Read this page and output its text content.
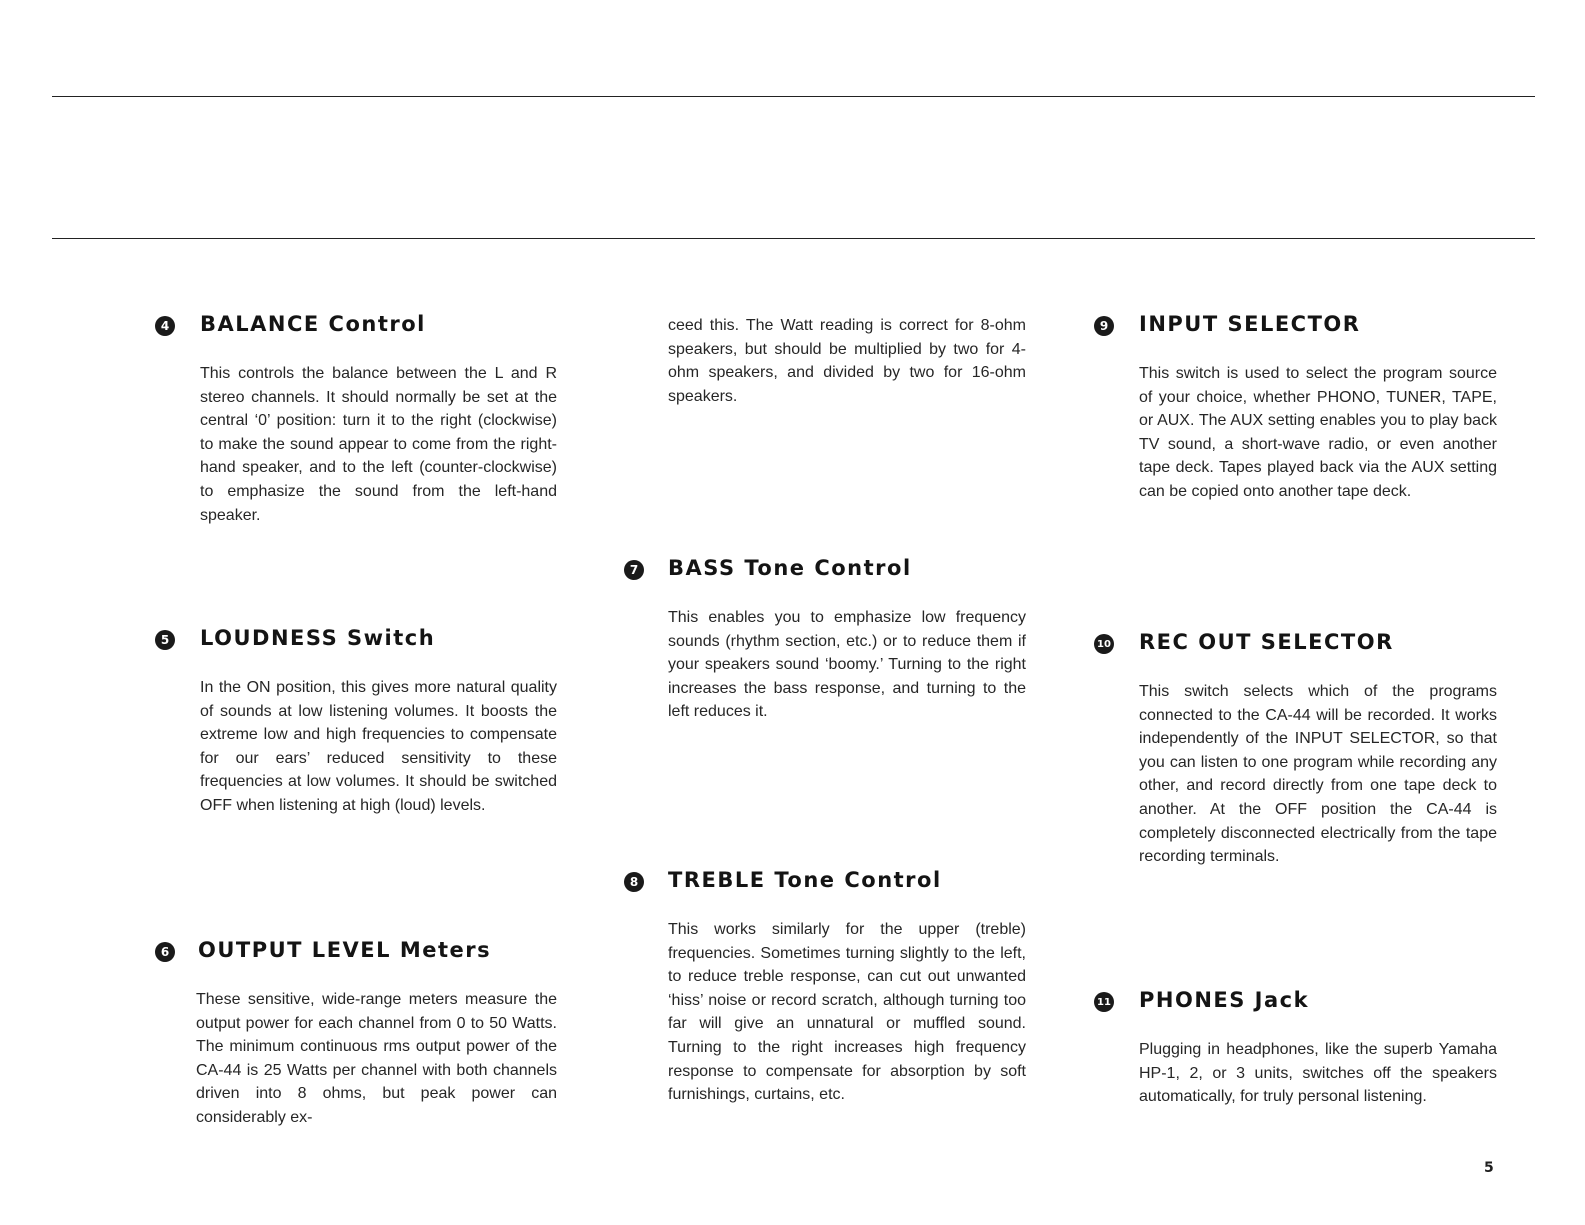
4 BALANCE Control

This controls the balance between the L and R stereo channels. It should normally be set at the central ‘0’ position: turn it to the right (clockwise) to make the sound appear to come from the right-hand speaker, and to the left (counter-clockwise) to emphasize the sound from the left-hand speaker.

5 LOUDNESS Switch

In the ON position, this gives more natural quality of sounds at low listening volumes. It boosts the extreme low and high frequencies to compensate for our ears’ reduced sensitivity to these frequencies at low volumes. It should be switched OFF when listening at high (loud) levels.

6 OUTPUT LEVEL Meters

These sensitive, wide-range meters measure the output power for each channel from 0 to 50 Watts. The minimum continuous rms output power of the CA-44 is 25 Watts per channel with both channels driven into 8 ohms, but peak power can considerably ex-

ceed this. The Watt reading is correct for 8-ohm speakers, but should be multiplied by two for 4-ohm speakers, and divided by two for 16-ohm speakers.

7 BASS Tone Control

This enables you to emphasize low frequency sounds (rhythm section, etc.) or to reduce them if your speakers sound ‘boomy.’ Turning to the right increases the bass response, and turning to the left reduces it.

8 TREBLE Tone Control

This works similarly for the upper (treble) frequencies. Sometimes turning slightly to the left, to reduce treble response, can cut out unwanted ‘hiss’ noise or record scratch, although turning too far will give an unnatural or muffled sound. Turning to the right increases high frequency response to compensate for absorption by soft furnishings, curtains, etc.

9 INPUT SELECTOR

This switch is used to select the program source of your choice, whether PHONO, TUNER, TAPE, or AUX. The AUX setting enables you to play back TV sound, a short-wave radio, or even another tape deck. Tapes played back via the AUX setting can be copied onto another tape deck.

10 REC OUT SELECTOR

This switch selects which of the programs connected to the CA-44 will be recorded. It works independently of the INPUT SELECTOR, so that you can listen to one program while recording any other, and record directly from one tape deck to another. At the OFF position the CA-44 is completely disconnected electrically from the tape recording terminals.

11 PHONES Jack

Plugging in headphones, like the superb Yamaha HP-1, 2, or 3 units, switches off the speakers automatically, for truly personal listening.

5
